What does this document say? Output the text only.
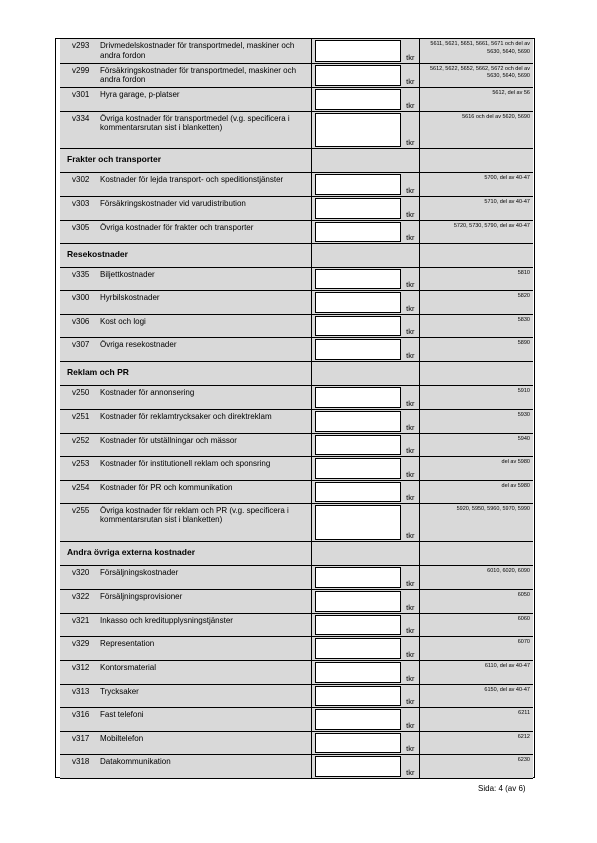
v293 Drivmedelskostnader för transportmedel, maskiner och andra fordon	tkr	5611, 5621, 5651, 5661, 5671 och del av 5630, 5640, 5690

v299 Försäkringskostnader för transportmedel, maskiner och andra fordon	tkr	5612, 5622, 5652, 5662, 5672 och del av 5630, 5640, 5690

v301 Hyra garage, p-platser	tkr	5612, del av 56

v334 Övriga kostnader för transportmedel (v.g. specificera i kommentarsrutan sist i blanketten)	tkr	5616 och del av 5620, 5690
Frakter och transporter		

v302 Kostnader för lejda transport- och speditionstjänster	tkr	5700, del av 40-47

v303 Försäkringskostnader vid varudistribution	tkr	5710, del av 40-47

v305 Övriga kostnader för frakter och transporter	tkr	5720, 5730, 5790, del av 40-47
Resekostnader		

v335 Biljettkostnader	tkr	5810

v300 Hyrbilskostnader	tkr	5820

v306 Kost och logi	tkr	5830

v307 Övriga resekostnader	tkr	5890
Reklam och PR		

v250 Kostnader för annonsering	tkr	5910

v251 Kostnader för reklamtrycksaker och direktreklam	tkr	5930

v252 Kostnader för utställningar och mässor	tkr	5940

v253 Kostnader för institutionell reklam och sponsring	tkr	del av 5980

v254 Kostnader för PR och kommunikation	tkr	del av 5980

v255 Övriga kostnader för reklam och PR (v.g. specificera i kommentarsrutan sist i blanketten)	tkr	5920, 5950, 5960, 5970, 5990
Andra övriga externa kostnader		

v320 Försäljningskostnader	tkr	6010, 6020, 6090

v322 Försäljningsprovisioner	tkr	6050

v321 Inkasso och kreditupplysningstjänster	tkr	6060

v329 Representation	tkr	6070

v312 Kontorsmaterial	tkr	6110, del av 40-47

v313 Trycksaker	tkr	6150, del av 40-47

v316 Fast telefoni	tkr	6211

v317 Mobiltelefon	tkr	6212

v318 Datakommunikation	tkr	6230
Sida: 4 (av 6)
